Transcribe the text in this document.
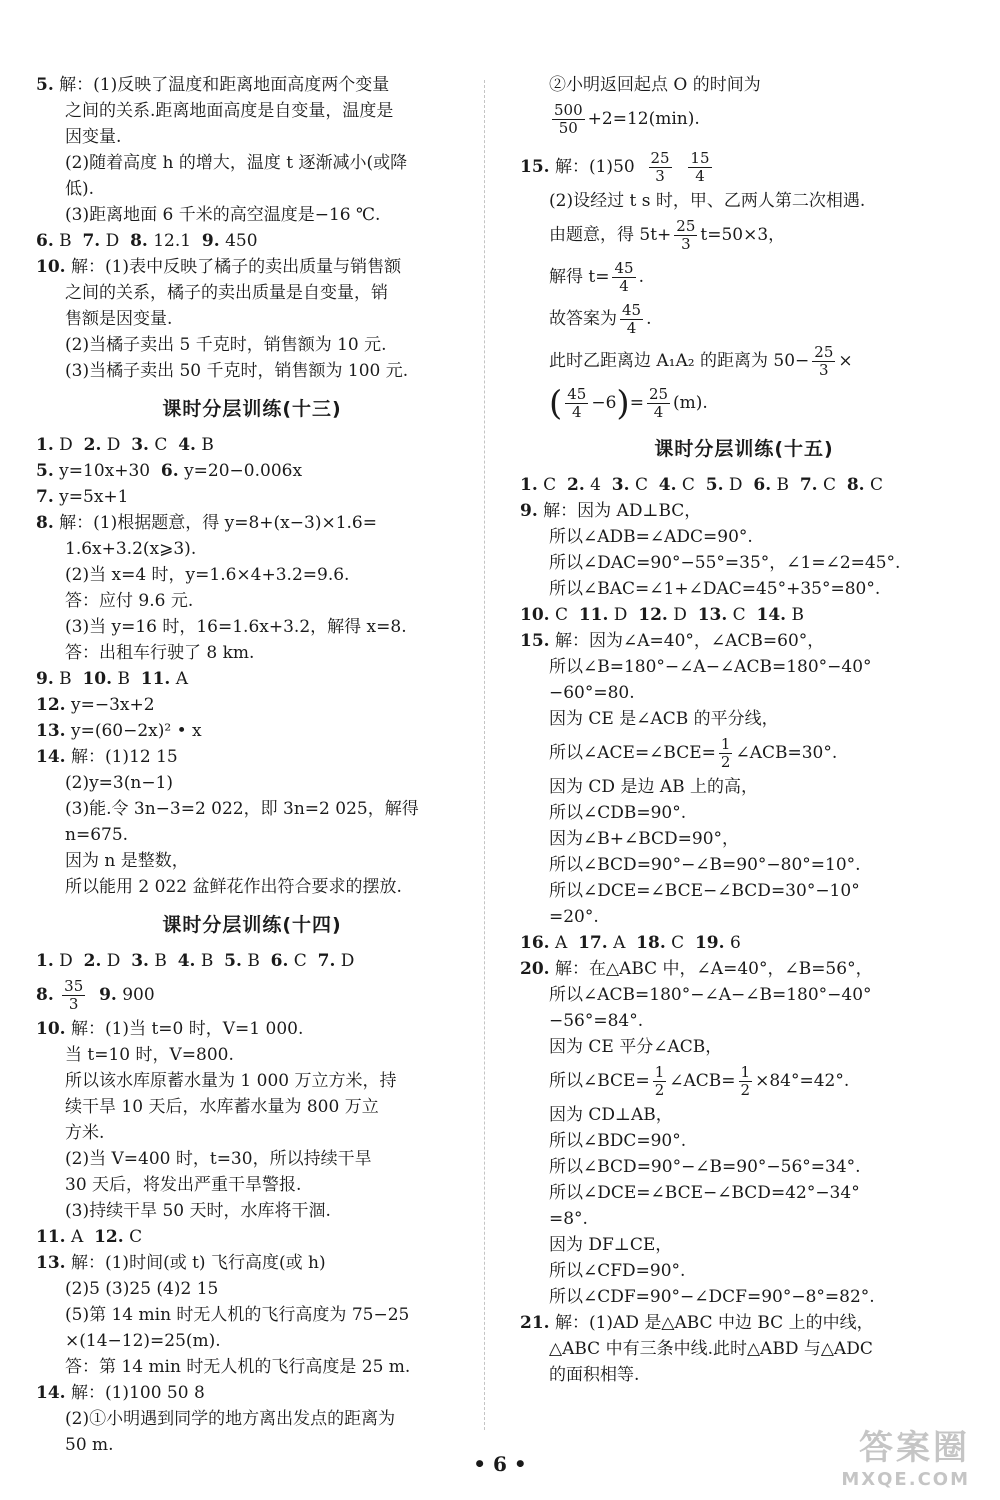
5. 解：(1)反映了温度和距离地面高度两个变量
之间的关系.距离地面高度是自变量，温度是
因变量.
(2)随着高度 h 的增大，温度 t 逐渐减小(或降
低).
(3)距离地面 6 千米的高空温度是−16 ℃.
6. B 7. D 8. 12.1 9. 450
10. 解：(1)表中反映了橘子的卖出质量与销售额
之间的关系，橘子的卖出质量是自变量，销
售额是因变量.
(2)当橘子卖出 5 千克时，销售额为 10 元.
(3)当橘子卖出 50 千克时，销售额为 100 元.
课时分层训练(十三)
1. D 2. D 3. C 4. B
5. y=10x+30 6. y=20−0.006x
7. y=5x+1
8. 解：(1)根据题意，得 y=8+(x−3)×1.6=
1.6x+3.2(x⩾3).
(2)当 x=4 时，y=1.6×4+3.2=9.6.
答：应付 9.6 元.
(3)当 y=16 时，16=1.6x+3.2，解得 x=8.
答：出租车行驶了 8 km.
9. B 10. B 11. A
12. y=−3x+2
13. y=(60−2x)² • x
14. 解：(1)12 15
(2)y=3(n−1)
(3)能.令 3n−3=2 022，即 3n=2 025，解得
n=675.
因为 n 是整数，
所以能用 2 022 盆鲜花作出符合要求的摆放.
课时分层训练(十四)
1. D 2. D 3. B 4. B 5. B 6. C 7. D
8. $\frac{35}{3} 9$. 900
10. 解：(1)当 t=0 时，V=1 000.
当 t=10 时，V=800.
所以该水库原蓄水量为 1 000 万立方米，持
续干旱 10 天后，水库蓄水量为 800 万立
方米.
(2)当 V=400 时，t=30，所以持续干旱
30 天后，将发出严重干旱警报.
(3)持续干旱 50 天时，水库将干涸.
11. A 12. C
13. 解：(1)时间(或 t) 飞行高度(或 h)
(2)5 (3)25 (4)2 15
(5)第 14 min 时无人机的飞行高度为 75−25
×(14−12)=25(m).
答：第 14 min 时无人机的飞行高度是 25 m.
14. 解：(1)100 50 8
(2)①小明遇到同学的地方离出发点的距离为
50 m.
②小明返回起点 O 的时间为
$\frac{500}{50} +2=12(\min)$.
15. 解：$(1)50 \frac{25}{3}$
$\frac{15}{4}$
(2)设经过 t s 时，甲、乙两人第二次相遇.
由题意，得 $5t+ \frac{25}{3} t=50\times 3$，
解得 $t= \frac{45}{4}$ .
故答案为 $\frac{45}{4}$ .
此时乙距离边 A₁A₂ 的距离为 $50- \frac{25}{3}$ ×
( $\frac{45}{4} -6)= \frac{25}{4} (m)$.
课时分层训练(十五)
1. C 2. 4 3. C 4. C 5. D 6. B 7. C 8. C
9. 解：因为 AD⊥BC，
所以∠ADB=∠ADC=90°.
所以∠DAC=90°−55°=35°，∠1=∠2=45°.
所以∠BAC=∠1+∠DAC=45°+35°=80°.
10. C 11. D 12. D 13. C 14. B
15. 解：因为∠A=40°，∠ACB=60°，
所以∠B=180°−∠A−∠ACB=180°−40°
−60°=80.
因为 CE 是∠ACB 的平分线，
所以∠ACE=∠BCE= $\frac{1}{2}$ ∠ACB=30°.
因为 CD 是边 AB 上的高，
所以∠CDB=90°.
因为∠B+∠BCD=90°，
所以∠BCD=90°−∠B=90°−80°=10°.
所以∠DCE=∠BCE−∠BCD=30°−10°
=20°.
16. A 17. A 18. C 19. 6
20. 解：在△ABC 中，∠A=40°，∠B=56°，
所以∠ACB=180°−∠A−∠B=180°−40°
−56°=84°.
因为 CE 平分∠ACB，
所以∠BCE= $\frac{1}{2}$ ∠ACB= $\frac{1}{2} \times 84^\circ=42^\circ$.
因为 CD⊥AB，
所以∠BDC=90°.
所以∠BCD=90°−∠B=90°−56°=34°.
所以∠DCE=∠BCE−∠BCD=42°−34°
=8°.
因为 DF⊥CE，
所以∠CFD=90°.
所以∠CDF=90°−∠DCF=90°−8°=82°.
21. 解：(1)AD 是△ABC 中边 BC 上的中线，
△ABC 中有三条中线.此时△ABD 与△ADC
的面积相等.
• 6 •	答案圈
MXQE.COM
